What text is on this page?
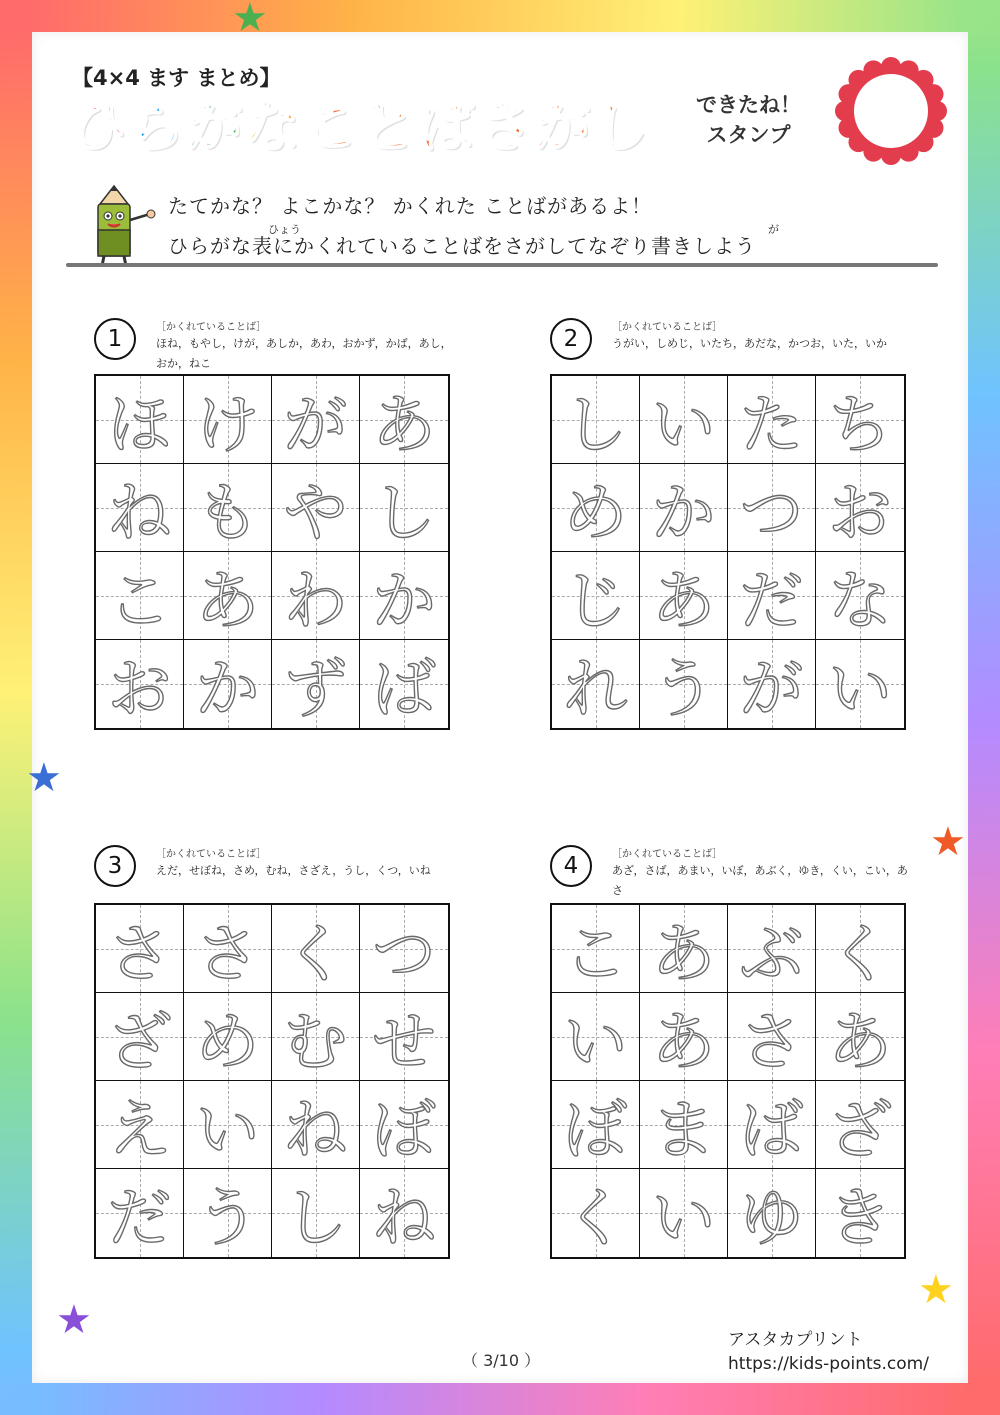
★
★
★
★
★
【4×4 ます まとめ】
ひらがなことばさがし できたね！
スタンプ
たてかな？ よこかな？ かくれた ことばがあるよ！
ひょう	が
ひらがな表にかくれていることばをさがしてなぞり書きしよう
1	［かくれていることば］
ほね，もやし，けが，あしか，あわ，おかず，かば，あし，おか，ねこ
ほ け が あ
ね も や し
こ あ わ か
お か ず ば
2	［かくれていることば］
うがい，しめじ，いたち，あだな，かつお，いた，いか
し い た ち
め か つ お
じ あ だ な
れ う が い
3	［かくれていることば］
えだ，せぼね，さめ，むね，さざえ，うし，くつ，いね
さ さ く つ
ざ め む せ
え い ね ぼ
だ う し ね
4	［かくれていることば］
あざ，さば，あまい，いぼ，あぶく，ゆき，くい，こい，あさ
こ あ ぶ く
い あ さ あ
ぼ ま ば ざ
く い ゆ き
（ 3/10 ）
アスタカプリント
https://kids-points.com/
